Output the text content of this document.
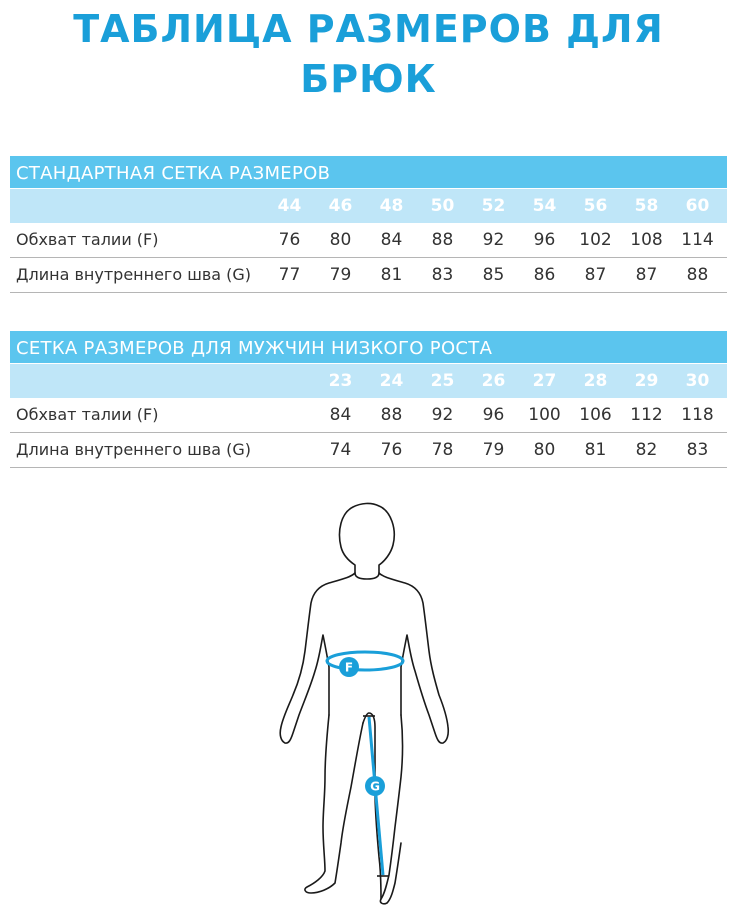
ТАБЛИЦА РАЗМЕРОВ ДЛЯ
БРЮК
СТАНДАРТНАЯ СЕТКА РАЗМЕРОВ
44	46	48	50	52	54	56	58	60
Обхват талии (F)	76	80	84	88	92	96	102	108	114
Длина внутреннего шва (G)	77	79	81	83	85	86	87	87	88
СЕТКА РАЗМЕРОВ ДЛЯ МУЖЧИН НИЗКОГО РОСТА
23	24	25	26	27	28	29	30
Обхват талии (F)	84	88	92	96	100	106	112	118
Длина внутреннего шва (G)	74	76	78	79	80	81	82	83
F
G
